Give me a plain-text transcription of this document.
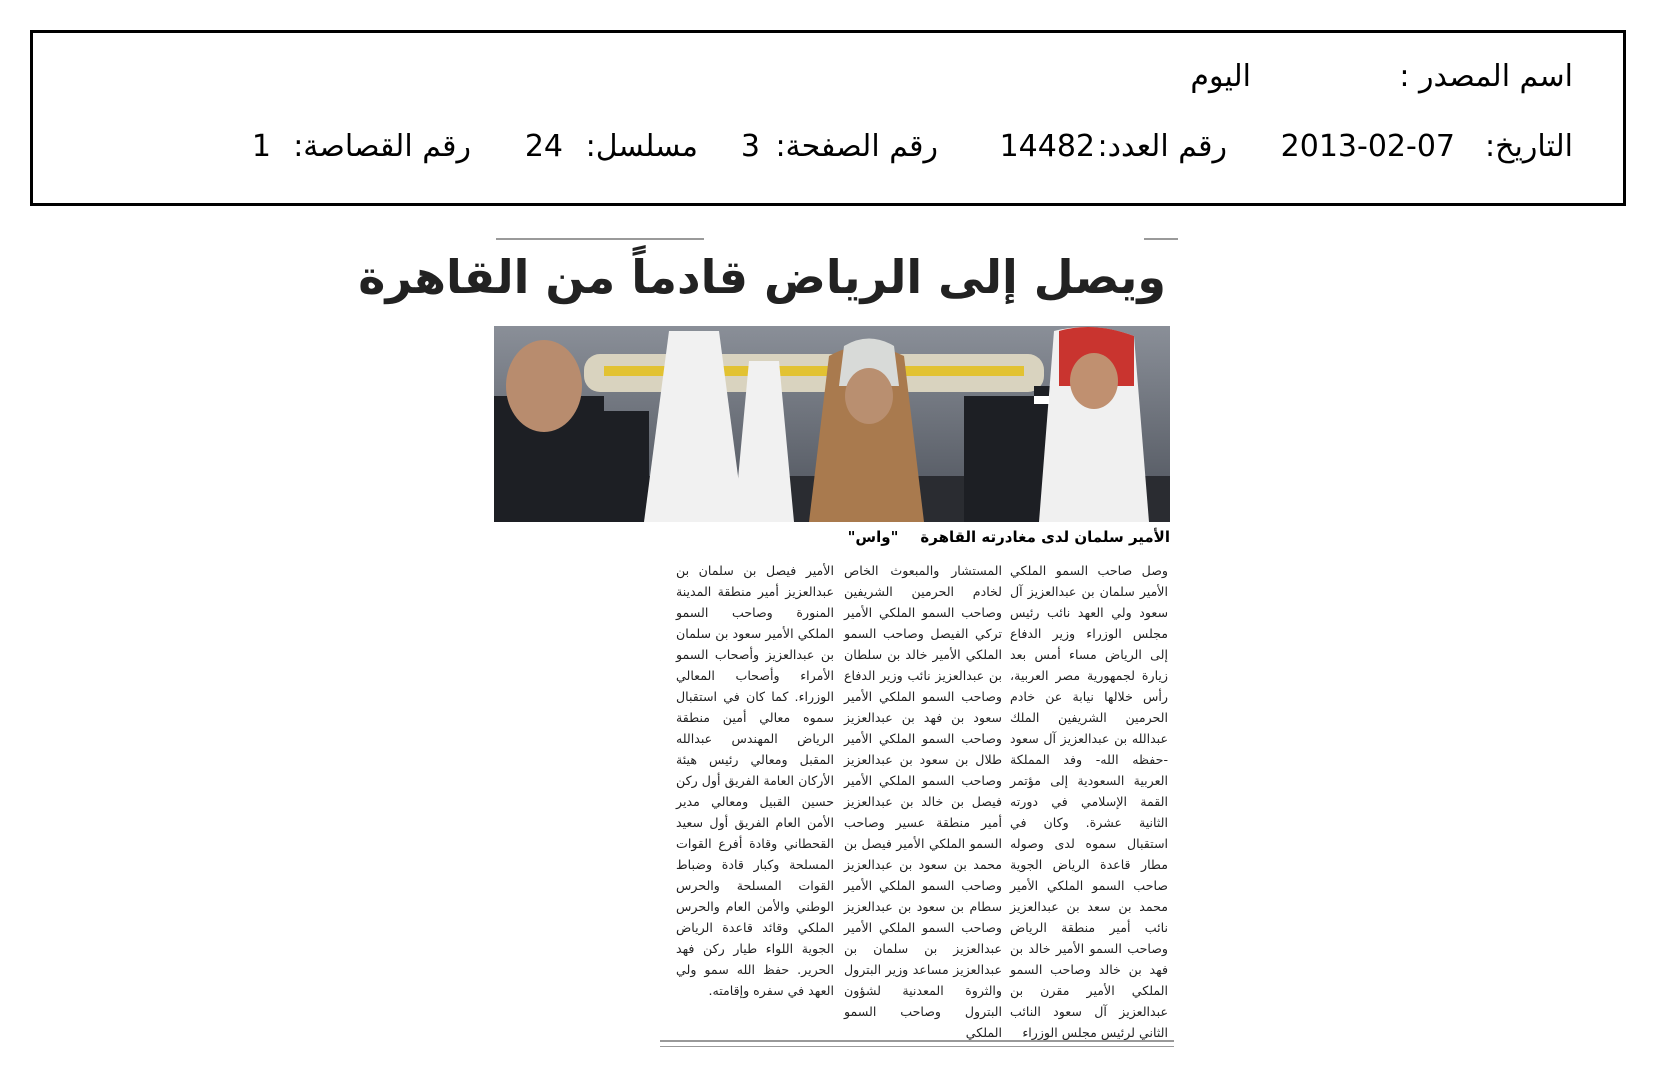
اسم المصدر :
اليوم
التاريخ:
2013-02-07
رقم العدد:
14482
رقم الصفحة:
3
مسلسل:
24
رقم القصاصة:
1
ويصل إلى الرياض قادماً من القاهرة
الأمير سلمان لدى مغادرته القاهرة"واس"

وصل صاحب السمو الملكي الأمير سلمان بن عبدالعزيز آل سعود ولي العهد نائب رئيس مجلس الوزراء وزير الدفاع إلى الرياض مساء أمس بعد زيارة لجمهورية مصر العربية، رأس خلالها نيابة عن خادم الحرمين الشريفين الملك عبدالله بن عبدالعزيز آل سعود -حفظه الله- وفد المملكة العربية السعودية إلى مؤتمر القمة الإسلامي في دورته الثانية عشرة. وكان في استقبال سموه لدى وصوله مطار قاعدة الرياض الجوية صاحب السمو الملكي الأمير محمد بن سعد بن عبدالعزيز نائب أمير منطقة الرياض وصاحب السمو الأمير خالد بن فهد بن خالد وصاحب السمو الملكي الأمير مقرن بن عبدالعزيز آل سعود النائب الثاني لرئيس مجلس الوزراء

المستشار والمبعوث الخاص لخادم الحرمين الشريفين وصاحب السمو الملكي الأمير تركي الفيصل وصاحب السمو الملكي الأمير خالد بن سلطان بن عبدالعزيز نائب وزير الدفاع وصاحب السمو الملكي الأمير سعود بن فهد بن عبدالعزيز وصاحب السمو الملكي الأمير طلال بن سعود بن عبدالعزيز وصاحب السمو الملكي الأمير فيصل بن خالد بن عبدالعزيز أمير منطقة عسير وصاحب السمو الملكي الأمير فيصل بن محمد بن سعود بن عبدالعزيز وصاحب السمو الملكي الأمير سطام بن سعود بن عبدالعزيز وصاحب السمو الملكي الأمير عبدالعزيز بن سلمان بن عبدالعزيز مساعد وزير البترول والثروة المعدنية لشؤون البترول وصاحب السمو الملكي

الأمير فيصل بن سلمان بن عبدالعزيز أمير منطقة المدينة المنورة وصاحب السمو الملكي الأمير سعود بن سلمان بن عبدالعزيز وأصحاب السمو الأمراء وأصحاب المعالي الوزراء. كما كان في استقبال سموه معالي أمين منطقة الرياض المهندس عبدالله المقبل ومعالي رئيس هيئة الأركان العامة الفريق أول ركن حسين القبيل ومعالي مدير الأمن العام الفريق أول سعيد القحطاني وقادة أفرع القوات المسلحة وكبار قادة وضباط القوات المسلحة والحرس الوطني والأمن العام والحرس الملكي وقائد قاعدة الرياض الجوية اللواء طيار ركن فهد الحرير. حفظ الله سمو ولي العهد في سفره وإقامته.
